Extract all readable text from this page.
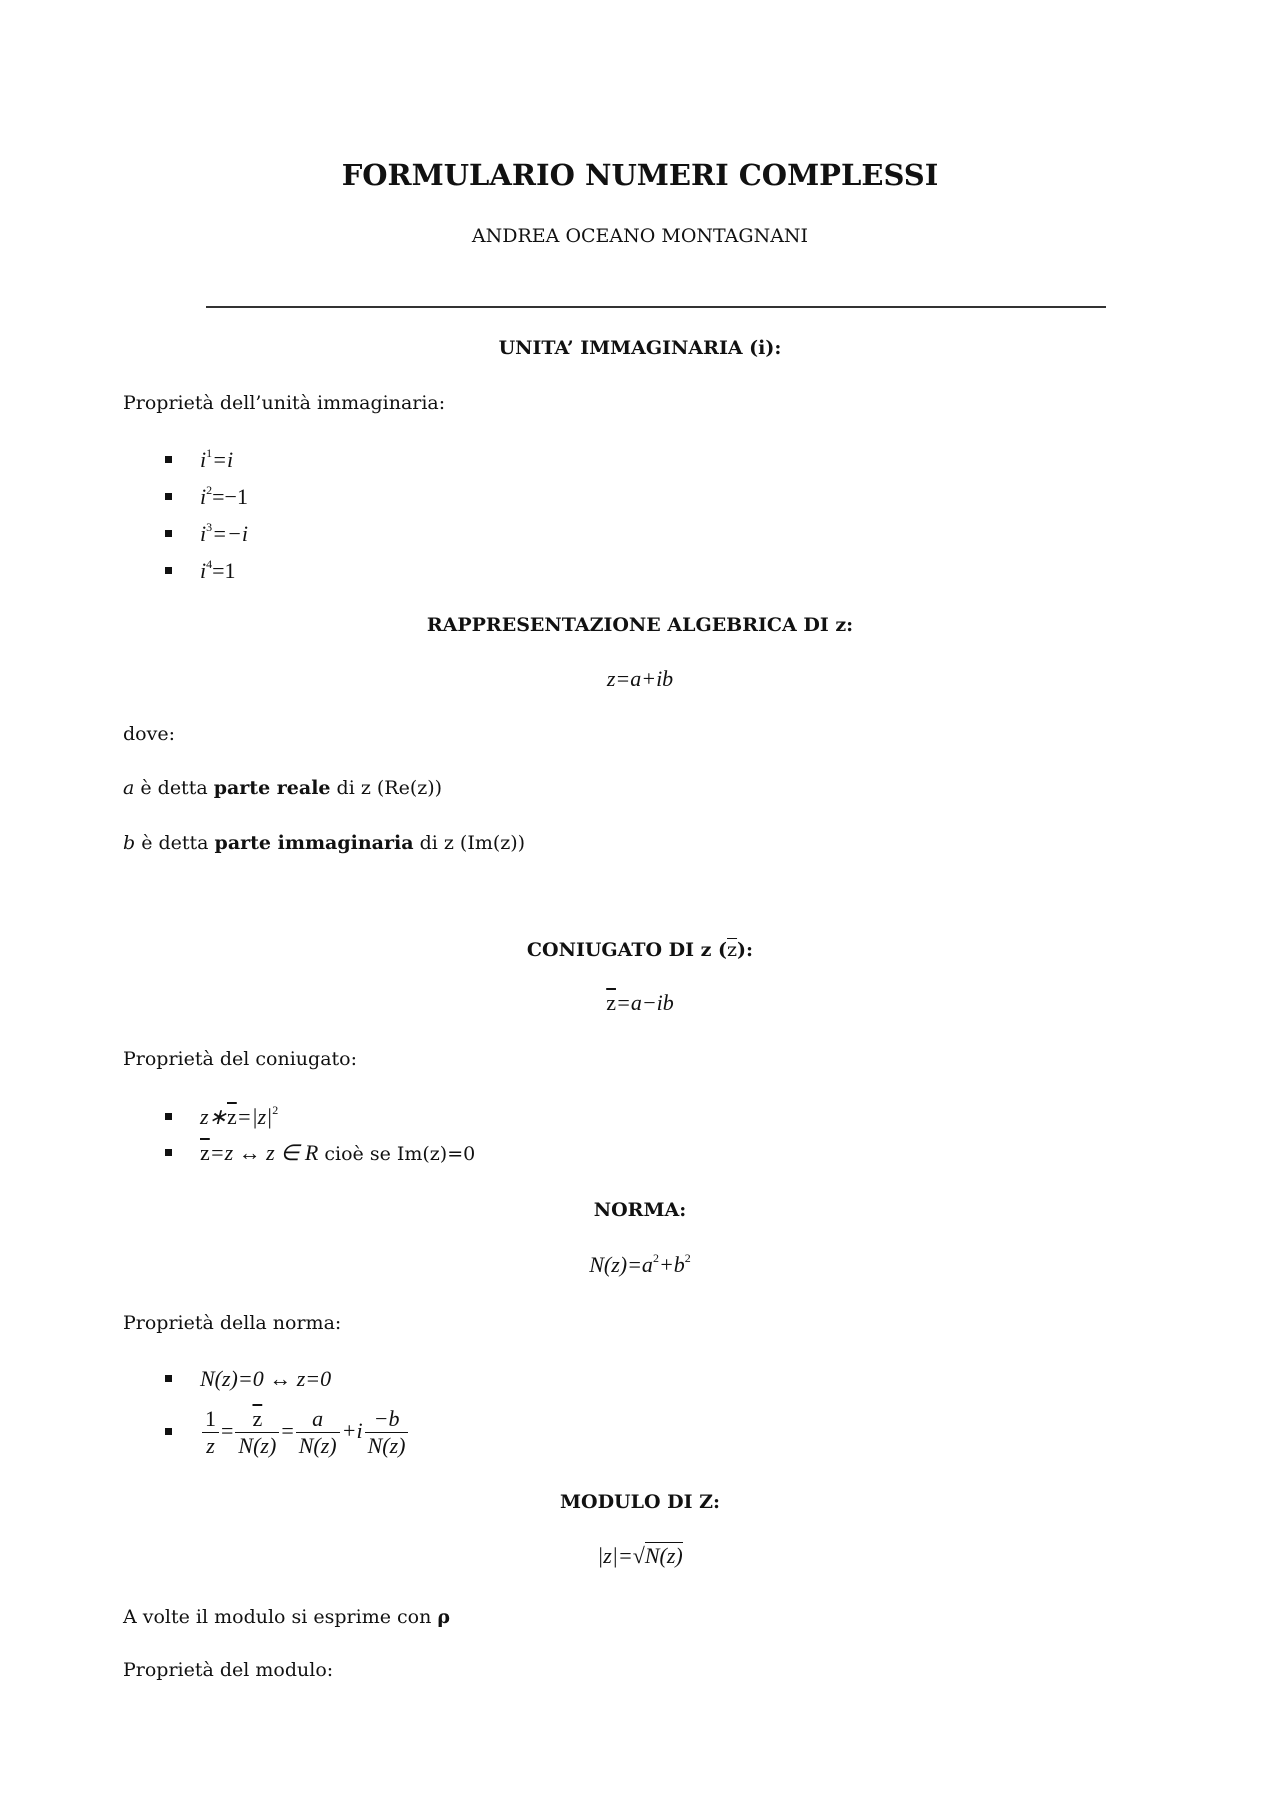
FORMULARIO NUMERI COMPLESSI
ANDREA OCEANO MONTAGNANI
UNITA’ IMMAGINARIA (i):
Proprietà dell’unità immaginaria:
$i^1=i$
$i^2=-1$
$i^3=-i$
$i^4=1$
RAPPRESENTAZIONE ALGEBRICA DI z:
z=a+ib
dove:
a è detta parte reale di z (Re(z))
b è detta parte immaginaria di z (Im(z))
CONIUGATO DI z $(\overline{z})$:
$\overline{z}=a-ib$
Proprietà del coniugato:
$z∗\overline{z}=|z|^2$
$\overline{z}=z$ ↔ z ∈ R cioè se Im(z)=0
NORMA:
$N(z)=a^2+b^2$
Proprietà della norma:
N(z)=0 ↔ z=0
$\frac{1}{z} = \frac{\overline{z}}{N(z)} = \frac{a}{N(z)} +i \frac{-b}{N(z)}$
MODULO DI Z:
|z|=√N(z)
A volte il modulo si esprime con ρ
Proprietà del modulo:
